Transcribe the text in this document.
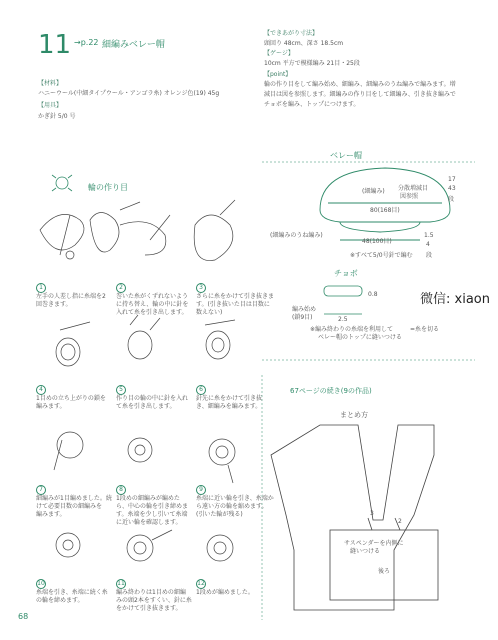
11 →p.22 細編みベレー帽
【材料】
ハニーウール(中細タイプウール・アンゴラ糸) オレンジ色(19) 45g
【用具】
かぎ針 5/0 号
【できあがり寸法】
頭回り 48cm、深さ 18.5cm
【ゲージ】
10cm 平方で模様編み 21目・25段
【point】
輪の作り目をして編み始め、細編み、細編みのうね編みで編みます。増
減目は図を参照します。細編みの作り目をして細編み、引き抜き編みで
チョボを編み、トップにつけます。
輪の作り目
1
左手の人差し指に糸端を2
回巻きます。
2
巻いた糸がくずれないよう
に持ち替え、輪の中に針を
入れて糸を引き出します。
3
さらに糸をかけて引き抜きま
す。(引き抜いた目は目数に
数えない)
4
1目めの立ち上がりの鎖を
編みます。
5
作り目の輪の中に針を入れ
て糸を引き出します。
6
針先に糸をかけて引き抜
き、細編みを編みます。
7
細編みが1目編めました。続
けて必要目数の細編みを
編みます。
8
1段めの細編みが編めた
ら、中心の輪を引き締めま
す。糸端を少し引いて糸端
に近い輪を確認します。
9
糸端に近い輪を引き、糸端か
ら遠い方の輪を縮めます。
(引いた輪が残る)
10
糸端を引き、糸端に続く糸
の輪を締めます。
11
編み終わりは1目めの細編
みの頭2本をすくい、針に糸
をかけて引き抜きます。
12
1段めが編めました。
ベレー帽
(細編み) 分散増減目
図参照
80(168目)
(細編みのうね編み)
48(100目)
17
43
段
1.5
4
段
※すべて5/0号針で編む
チョボ
編み始め
(鎖9目)	2.5
0.8
※編み終わりの糸端を利用して
ベレー帽のトップに縫いつける
=糸を切る
微信: xiaon
67ページの続き(9の作品)
まとめ方
3
2
サスペンダーを内側に
縫いつける
後ろ
68
